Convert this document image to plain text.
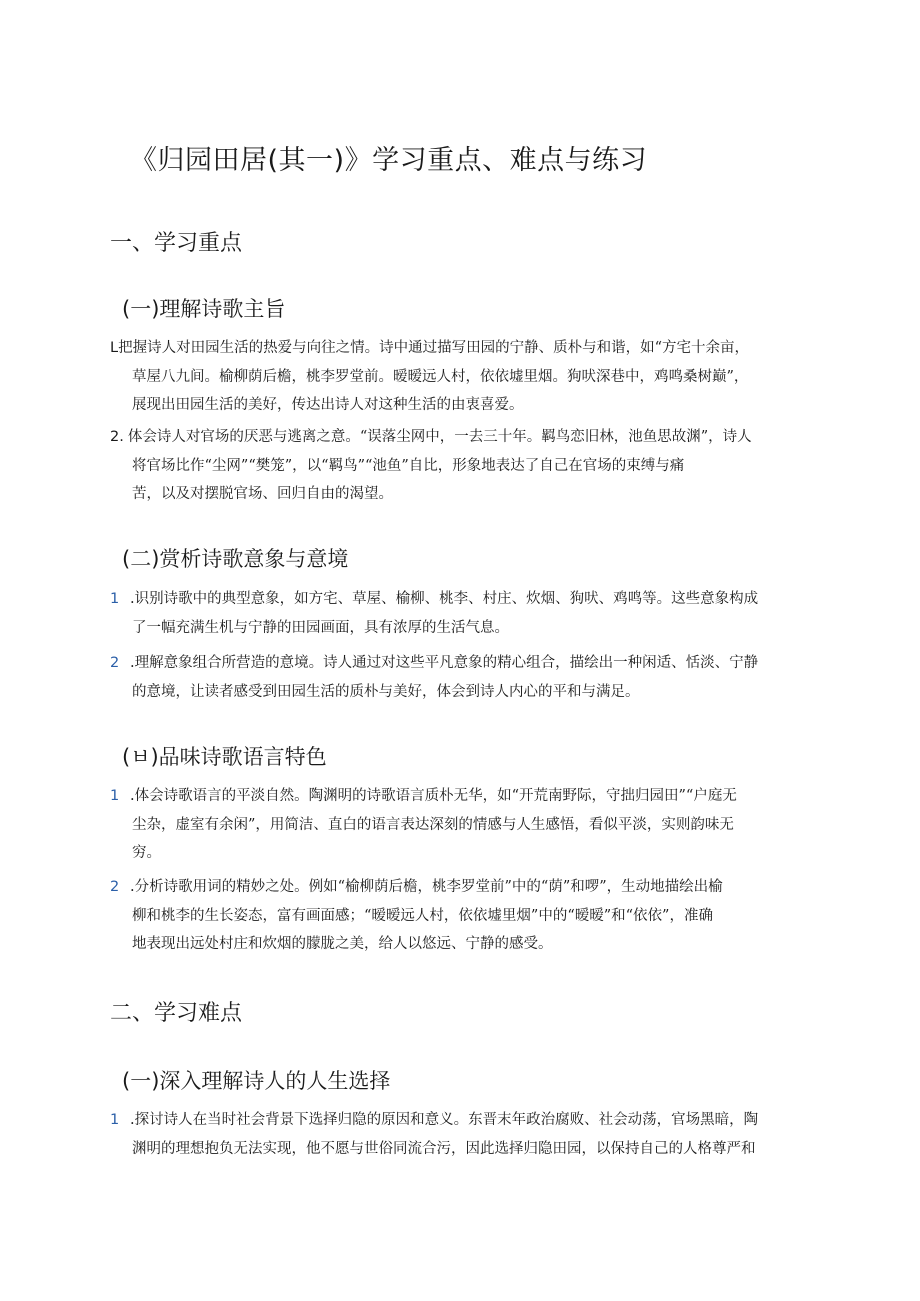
《归园田居(其一)》学习重点、难点与练习
一、学习重点
(一)理解诗歌主旨
L把握诗人对田园生活的热爱与向往之情。诗中通过描写田园的宁静、质朴与和谐，如“方宅十余亩，
草屋八九间。榆柳荫后檐，桃李罗堂前。暧暧远人村，依依墟里烟。狗吠深巷中，鸡鸣桑树巅”，
展现出田园生活的美好，传达出诗人对这种生活的由衷喜爱。
2. 体会诗人对官场的厌恶与逃离之意。“误落尘网中，一去三十年。羁鸟恋旧林，池鱼思故渊”，诗人
将官场比作“尘网”“樊笼”，以“羁鸟”“池鱼”自比，形象地表达了自己在官场的束缚与痛
苦，以及对摆脱官场、回归自由的渴望。
(二)赏析诗歌意象与意境
1 .识别诗歌中的典型意象，如方宅、草屋、榆柳、桃李、村庄、炊烟、狗吠、鸡鸣等。这些意象构成
了一幅充满生机与宁静的田园画面，具有浓厚的生活气息。
2 .理解意象组合所营造的意境。诗人通过对这些平凡意象的精心组合，描绘出一种闲适、恬淡、宁静
的意境，让读者感受到田园生活的质朴与美好，体会到诗人内心的平和与满足。
(ㅂ)品味诗歌语言特色
1 .体会诗歌语言的平淡自然。陶渊明的诗歌语言质朴无华，如“开荒南野际，守拙归园田”“户庭无
尘杂，虚室有余闲”，用简洁、直白的语言表达深刻的情感与人生感悟，看似平淡，实则韵味无
穷。
2 .分析诗歌用词的精妙之处。例如“榆柳荫后檐，桃李罗堂前”中的“荫”和啰”，生动地描绘出榆
柳和桃李的生长姿态，富有画面感；“暧暧远人村，依依墟里烟”中的“暧暧”和“依依”，准确
地表现出远处村庄和炊烟的朦胧之美，给人以悠远、宁静的感受。
二、学习难点
(一)深入理解诗人的人生选择
1 .探讨诗人在当时社会背景下选择归隐的原因和意义。东晋末年政治腐败、社会动荡，官场黑暗，陶
渊明的理想抱负无法实现，他不愿与世俗同流合污，因此选择归隐田园，以保持自己的人格尊严和
